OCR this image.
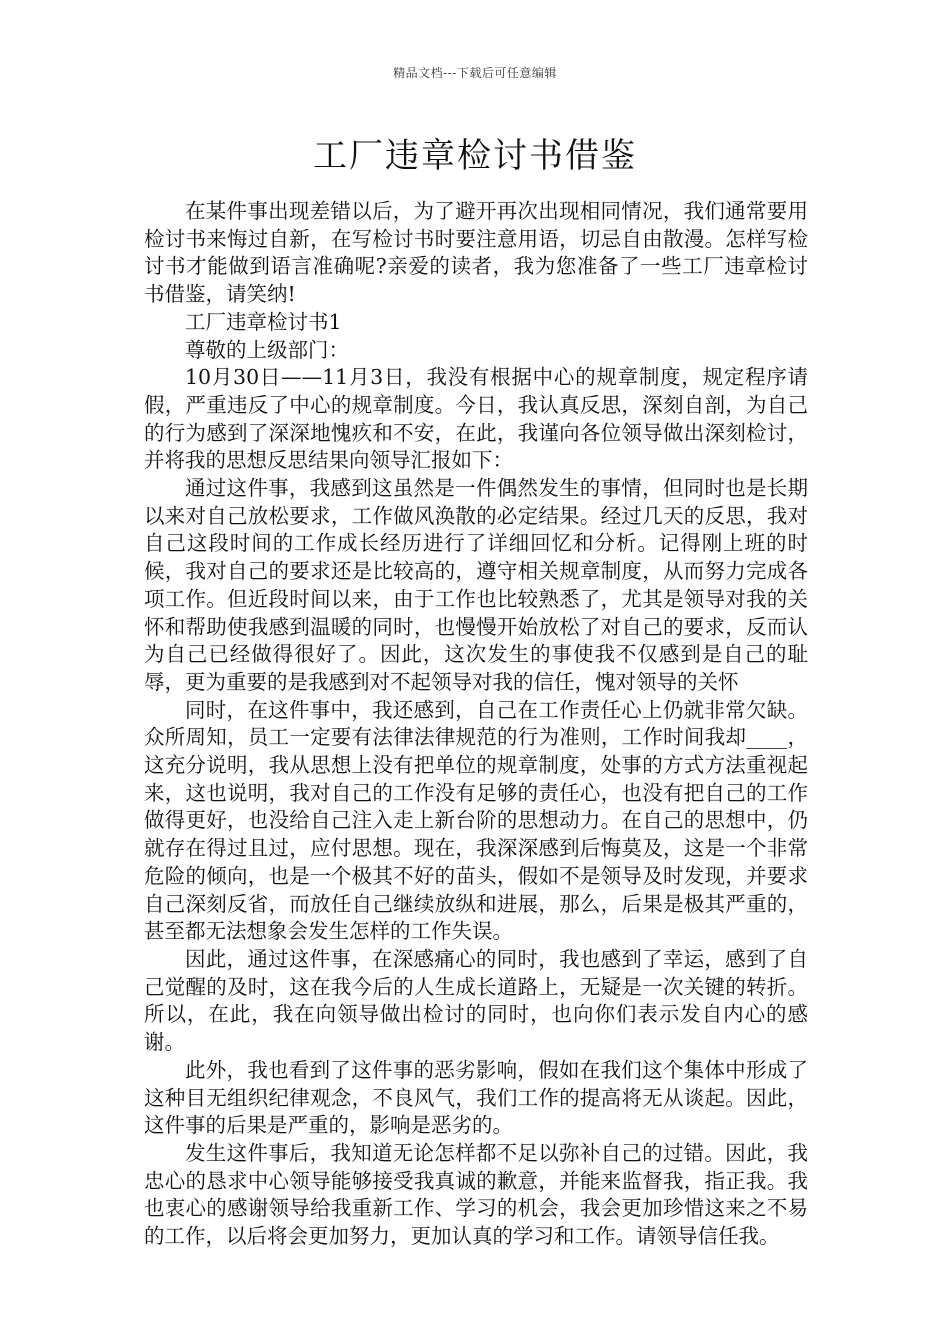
精品文档---下载后可任意编辑
工厂违章检讨书借鉴

在某件事出现差错以后，为了避开再次出现相同情况，我们通常要用检讨书来悔过自新，在写检讨书时要注意用语，切忌自由散漫。怎样写检讨书才能做到语言准确呢?亲爱的读者，我为您准备了一些工厂违章检讨书借鉴，请笑纳!

工厂违章检讨书1

尊敬的上级部门：

10月30日——11月3日，我没有根据中心的规章制度，规定程序请假，严重违反了中心的规章制度。今日，我认真反思，深刻自剖，为自己的行为感到了深深地愧疚和不安，在此，我谨向各位领导做出深刻检讨，并将我的思想反思结果向领导汇报如下：

通过这件事，我感到这虽然是一件偶然发生的事情，但同时也是长期以来对自己放松要求，工作做风涣散的必定结果。经过几天的反思，我对自己这段时间的工作成长经历进行了详细回忆和分析。记得刚上班的时候，我对自己的要求还是比较高的，遵守相关规章制度，从而努力完成各项工作。但近段时间以来，由于工作也比较熟悉了，尤其是领导对我的关怀和帮助使我感到温暖的同时，也慢慢开始放松了对自己的要求，反而认为自己已经做得很好了。因此，这次发生的事使我不仅感到是自己的耻辱，更为重要的是我感到对不起领导对我的信任，愧对领导的关怀

同时，在这件事中，我还感到，自己在工作责任心上仍就非常欠缺。众所周知，员工一定要有法律法律规范的行为准则，工作时间我却____，这充分说明，我从思想上没有把单位的规章制度，处事的方式方法重视起来，这也说明，我对自己的工作没有足够的责任心，也没有把自己的工作做得更好，也没给自己注入走上新台阶的思想动力。在自己的思想中，仍就存在得过且过，应付思想。现在，我深深感到后悔莫及，这是一个非常危险的倾向，也是一个极其不好的苗头，假如不是领导及时发现，并要求自己深刻反省，而放任自己继续放纵和进展，那么，后果是极其严重的，甚至都无法想象会发生怎样的工作失误。

因此，通过这件事，在深感痛心的同时，我也感到了幸运，感到了自己觉醒的及时，这在我今后的人生成长道路上，无疑是一次关键的转折。所以，在此，我在向领导做出检讨的同时，也向你们表示发自内心的感谢。

此外，我也看到了这件事的恶劣影响，假如在我们这个集体中形成了这种目无组织纪律观念，不良风气，我们工作的提高将无从谈起。因此，这件事的后果是严重的，影响是恶劣的。

发生这件事后，我知道无论怎样都不足以弥补自己的过错。因此，我忠心的恳求中心领导能够接受我真诚的歉意，并能来监督我，指正我。我也衷心的感谢领导给我重新工作、学习的机会，我会更加珍惜这来之不易的工作，以后将会更加努力，更加认真的学习和工作。请领导信任我。
